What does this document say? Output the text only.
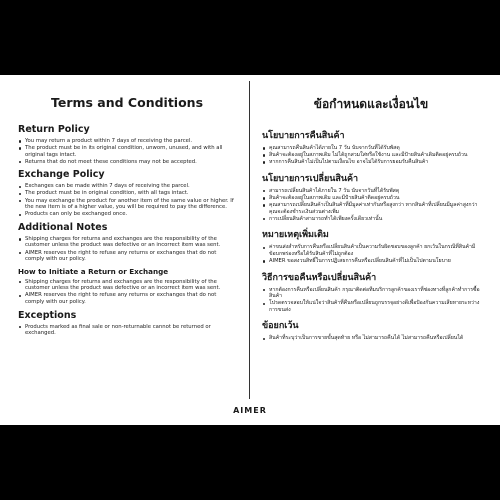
Terms and Conditions
Return Policy
You may return a product within 7 days of receiving the parcel.
The product must be in its original condition, unworn, unused, and with all original tags intact.
Returns that do not meet these conditions may not be accepted.
Exchange Policy
Exchanges can be made within 7 days of receiving the parcel.
The product must be in original condition, with all tags intact.
You may exchange the product for another item of the same value or higher. If the new item is of a higher value, you will be required to pay the difference.
Products can only be exchanged once.
Additional Notes
Shipping charges for returns and exchanges are the responsibility of the customer unless the product was defective or an incorrect item was sent.
AIMER reserves the right to refuse any returns or exchanges that do not comply with our policy.
How to Initiate a Return or Exchange
Shipping charges for returns and exchanges are the responsibility of the customer unless the product was defective or an incorrect item was sent.
AIMER reserves the right to refuse any returns or exchanges that do not comply with our policy.
Exceptions
Products marked as final sale or non-returnable cannot be returned or exchanged.
ข้อกำหนดและเงื่อนไข
นโยบายการคืนสินค้า
คุณสามารถคืนสินค้าได้ภายใน 7 วัน นับจากวันที่ได้รับพัสดุ
สินค้าจะต้องอยู่ในสภาพเดิม ไม่ได้ถูกสวมใส่หรือใช้งาน และมีป้ายสินค้าเดิมติดอยู่ครบถ้วน
หากการคืนสินค้าไม่เป็นไปตามเงื่อนไข อาจไม่ได้รับการยอมรับคืนสินค้า
นโยบายการเปลี่ยนสินค้า
สามารถเปลี่ยนสินค้าได้ภายใน 7 วัน นับจากวันที่ได้รับพัสดุ
สินค้าจะต้องอยู่ในสภาพเดิม และมีป้ายสินค้าติดอยู่ครบถ้วน
คุณสามารถเปลี่ยนสินค้าเป็นสินค้าที่มีมูลค่าเท่ากันหรือสูงกว่า หากสินค้าที่เปลี่ยนมีมูลค่าสูงกว่า คุณจะต้องชำระเงินส่วนต่างเพิ่ม
การเปลี่ยนสินค้าสามารถทำได้เพียงครั้งเดียวเท่านั้น
หมายเหตุเพิ่มเติม
ค่าขนส่งสำหรับการคืนหรือเปลี่ยนสินค้าเป็นความรับผิดชอบของลูกค้า ยกเว้นในกรณีที่สินค้ามีข้อบกพร่องหรือได้รับสินค้าที่ไม่ถูกต้อง
AIMER ขอสงวนสิทธิ์ในการปฏิเสธการคืนหรือเปลี่ยนสินค้าที่ไม่เป็นไปตามนโยบาย
วิธีการขอคืนหรือเปลี่ยนสินค้า
หากต้องการคืนหรือเปลี่ยนสินค้า กรุณาติดต่อทีมบริการลูกค้าของเราที่ช่องทางที่ลูกค้าทำการซื้อสินค้า
โปรดตรวจสอบให้แน่ใจว่าสินค้าที่คืนหรือเปลี่ยนถูกบรรจุอย่างดีเพื่อป้องกันความเสียหายระหว่างการขนส่ง
ข้อยกเว้น
สินค้าที่ระบุว่าเป็นการขายขั้นสุดท้าย หรือ ไม่สามารถคืนได้ ไม่สามารถคืนหรือเปลี่ยนได้
AIMER
